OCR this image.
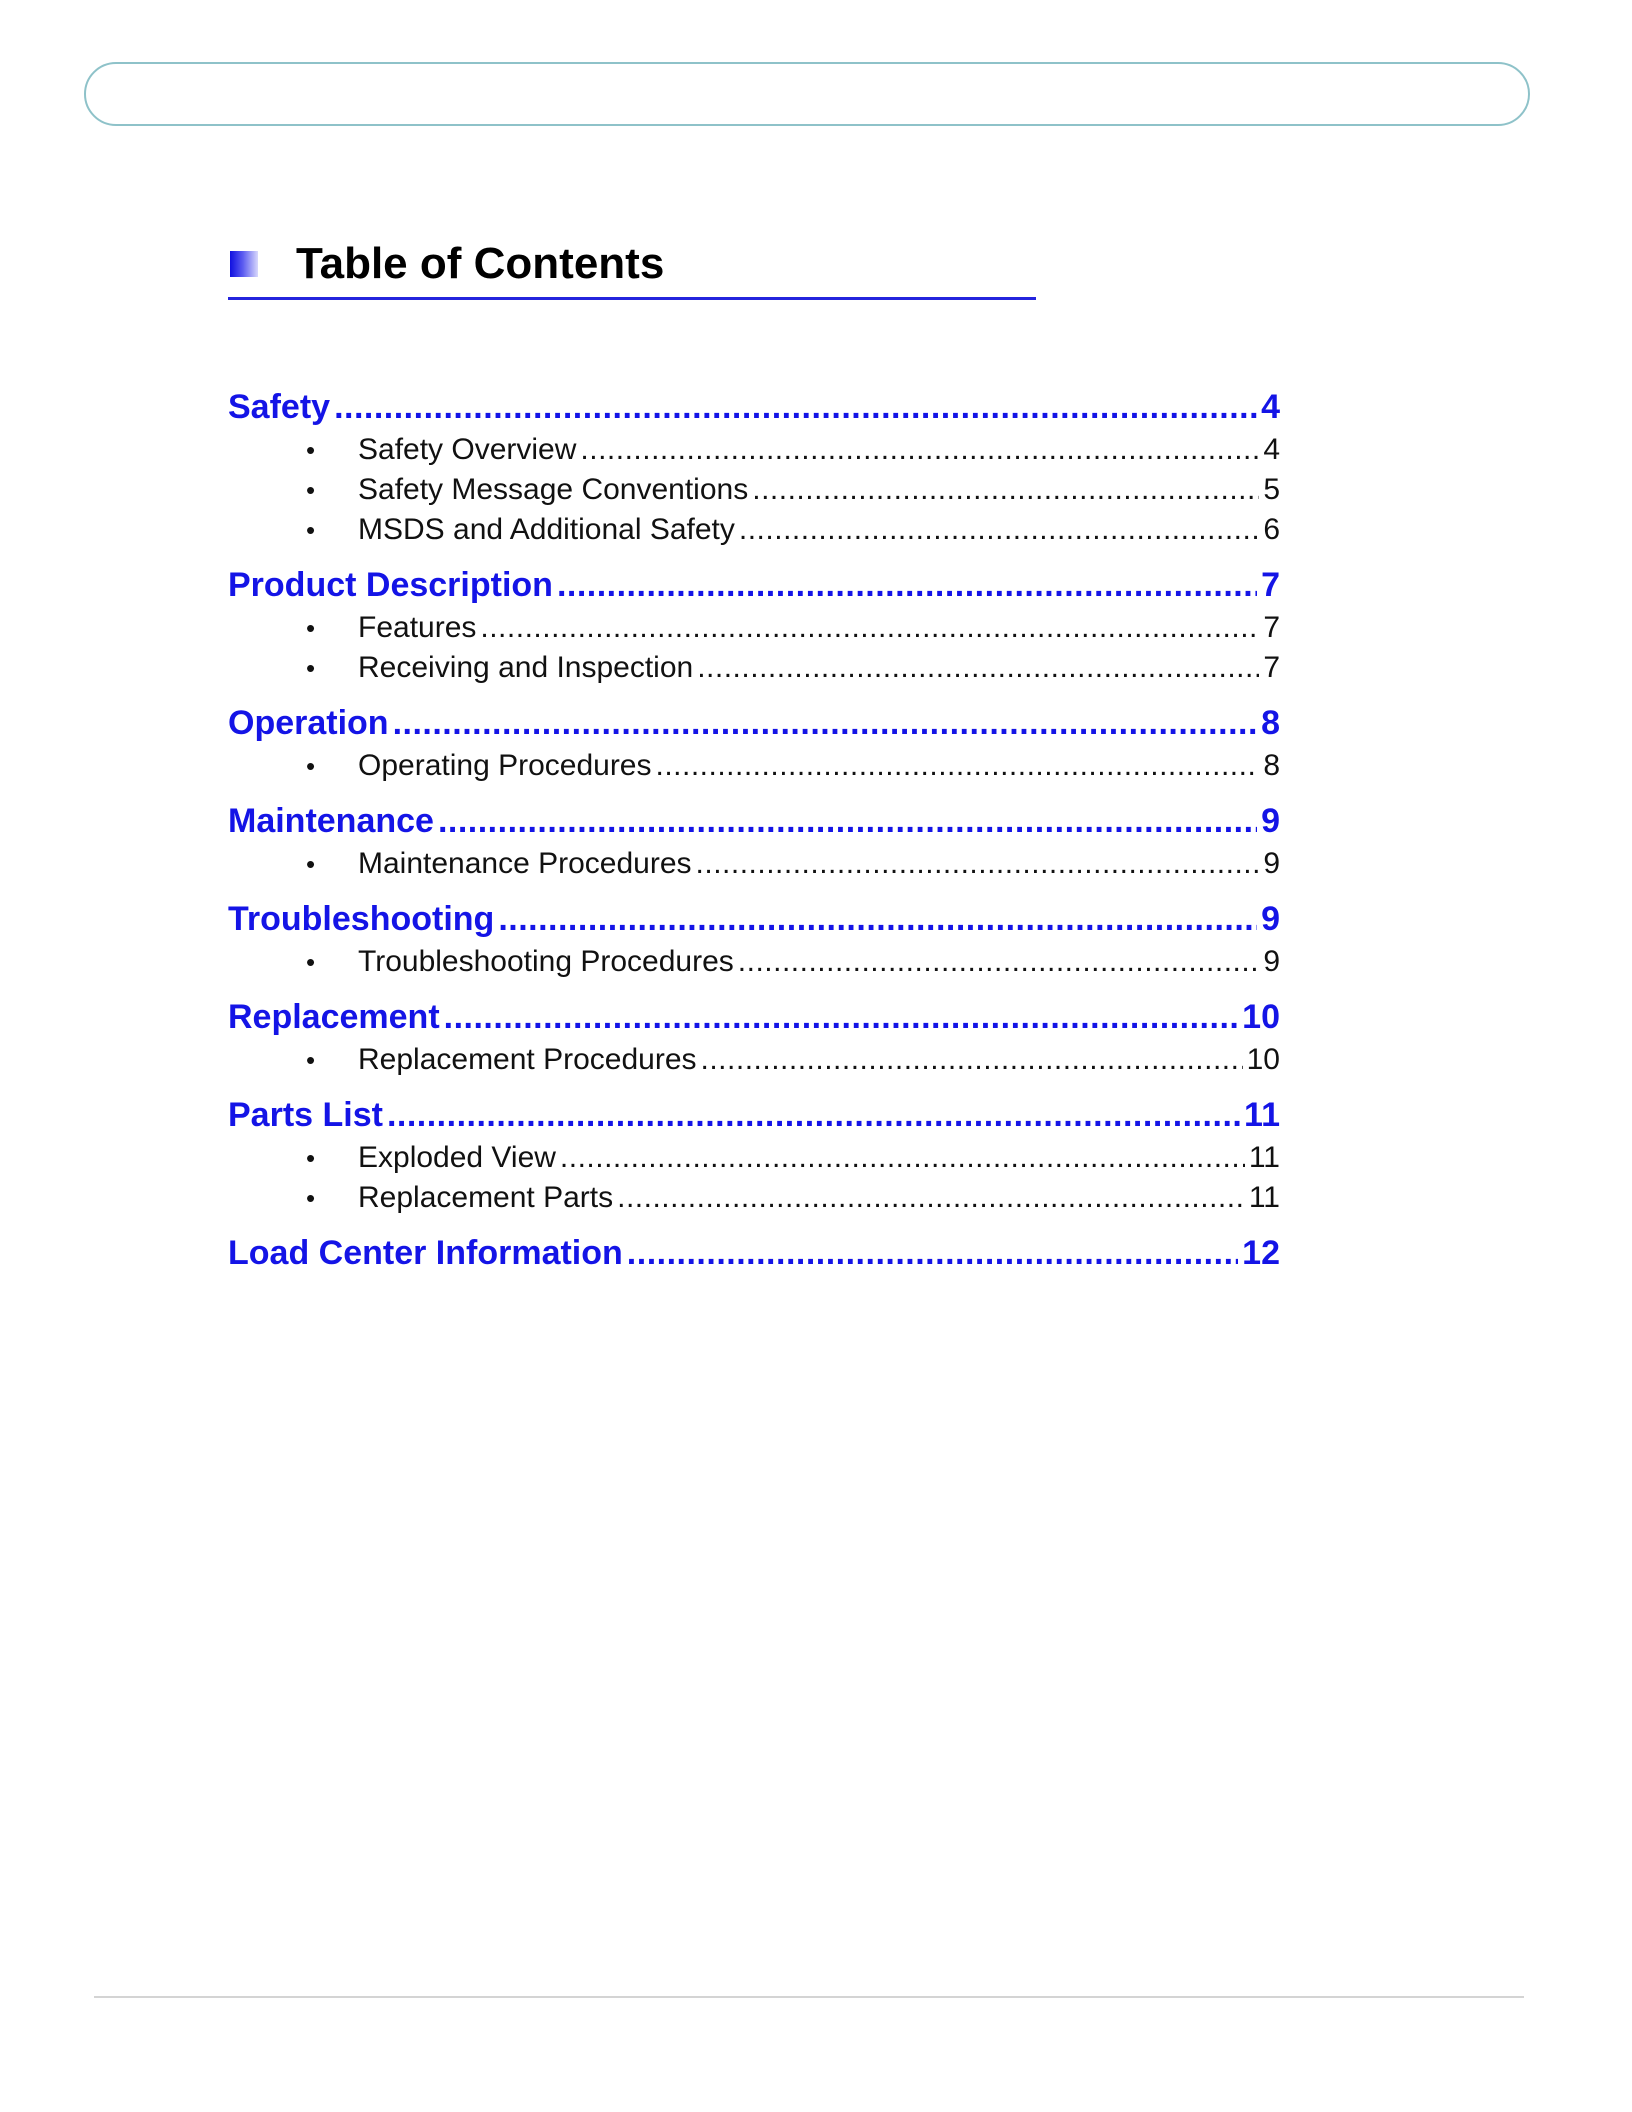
Table of Contents
Safety .....	4
•	Safety Overview .....	4
•	Safety Message Conventions .....	5
•	MSDS and Additional Safety .....	6
Product Description .....	7
•	Features .....	7
•	Receiving and Inspection .....	7
Operation .....	8
•	Operating Procedures .....	8
Maintenance .....	9
•	Maintenance Procedures .....	9
Troubleshooting .....	9
•	Troubleshooting Procedures .....	9
Replacement .....	10
•	Replacement Procedures .....	10
Parts List .....	11
•	Exploded View .....	11
•	Replacement Parts .....	11
Load Center Information .....	12
